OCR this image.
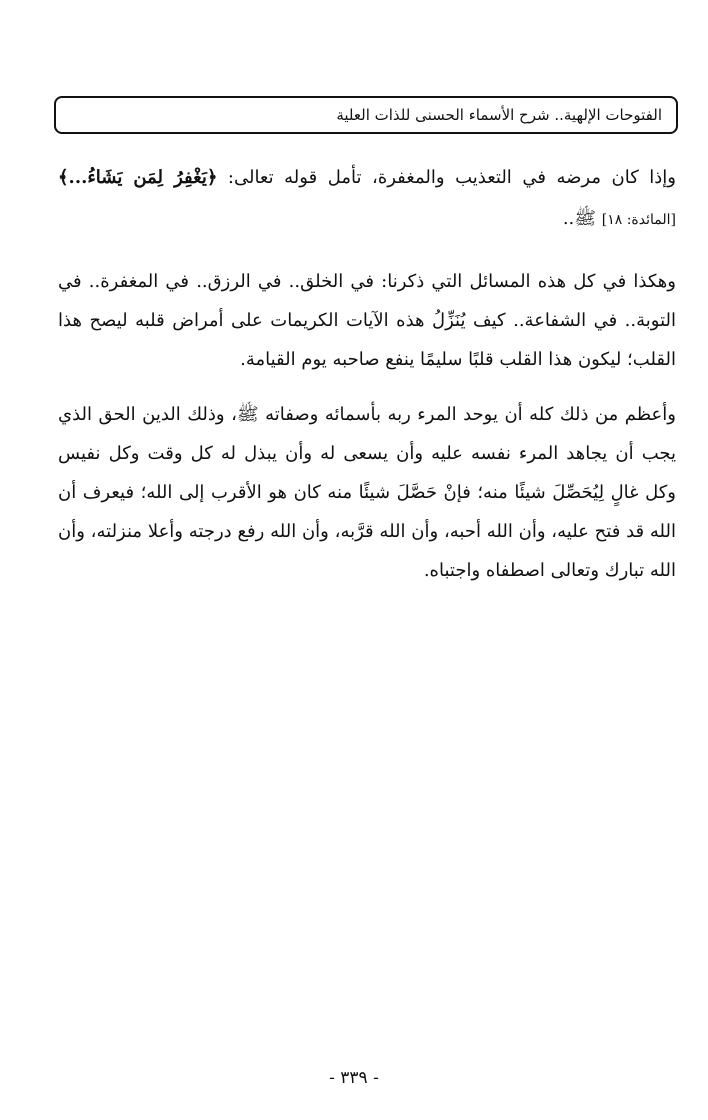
الفتوحات الإلهية.. شرح الأسماء الحسنى للذات العلية

وإذا كان مرضه في التعذيب والمغفرة، تأمل قوله تعالى: ﴿يَغْفِرُ لِمَن يَشَاءُ...﴾ [المائدة: ١٨] ﷺ..

وهكذا في كل هذه المسائل التي ذكرنا: في الخلق.. في الرزق.. في المغفرة.. في التوبة.. في الشفاعة.. كيف يُنَزِّلُ هذه الآيات الكريمات على أمراض قلبه ليصح هذا القلب؛ ليكون هذا القلب قلبًا سليمًا ينفع صاحبه يوم القيامة.

وأعظم من ذلك كله أن يوحد المرء ربه بأسمائه وصفاته ﷺ، وذلك الدين الحق الذي يجب أن يجاهد المرء نفسه عليه وأن يسعى له وأن يبذل له كل وقت وكل نفيس وكل غالٍ لِيُحَصِّلَ شيئًا منه؛ فإنْ حَصَّلَ شيئًا منه كان هو الأقرب إلى الله؛ فيعرف أن الله قد فتح عليه، وأن الله أحبه، وأن الله قرَّبه، وأن الله رفع درجته وأعلا منزلته، وأن الله تبارك وتعالى اصطفاه واجتباه.

- ٣٣٩ -
